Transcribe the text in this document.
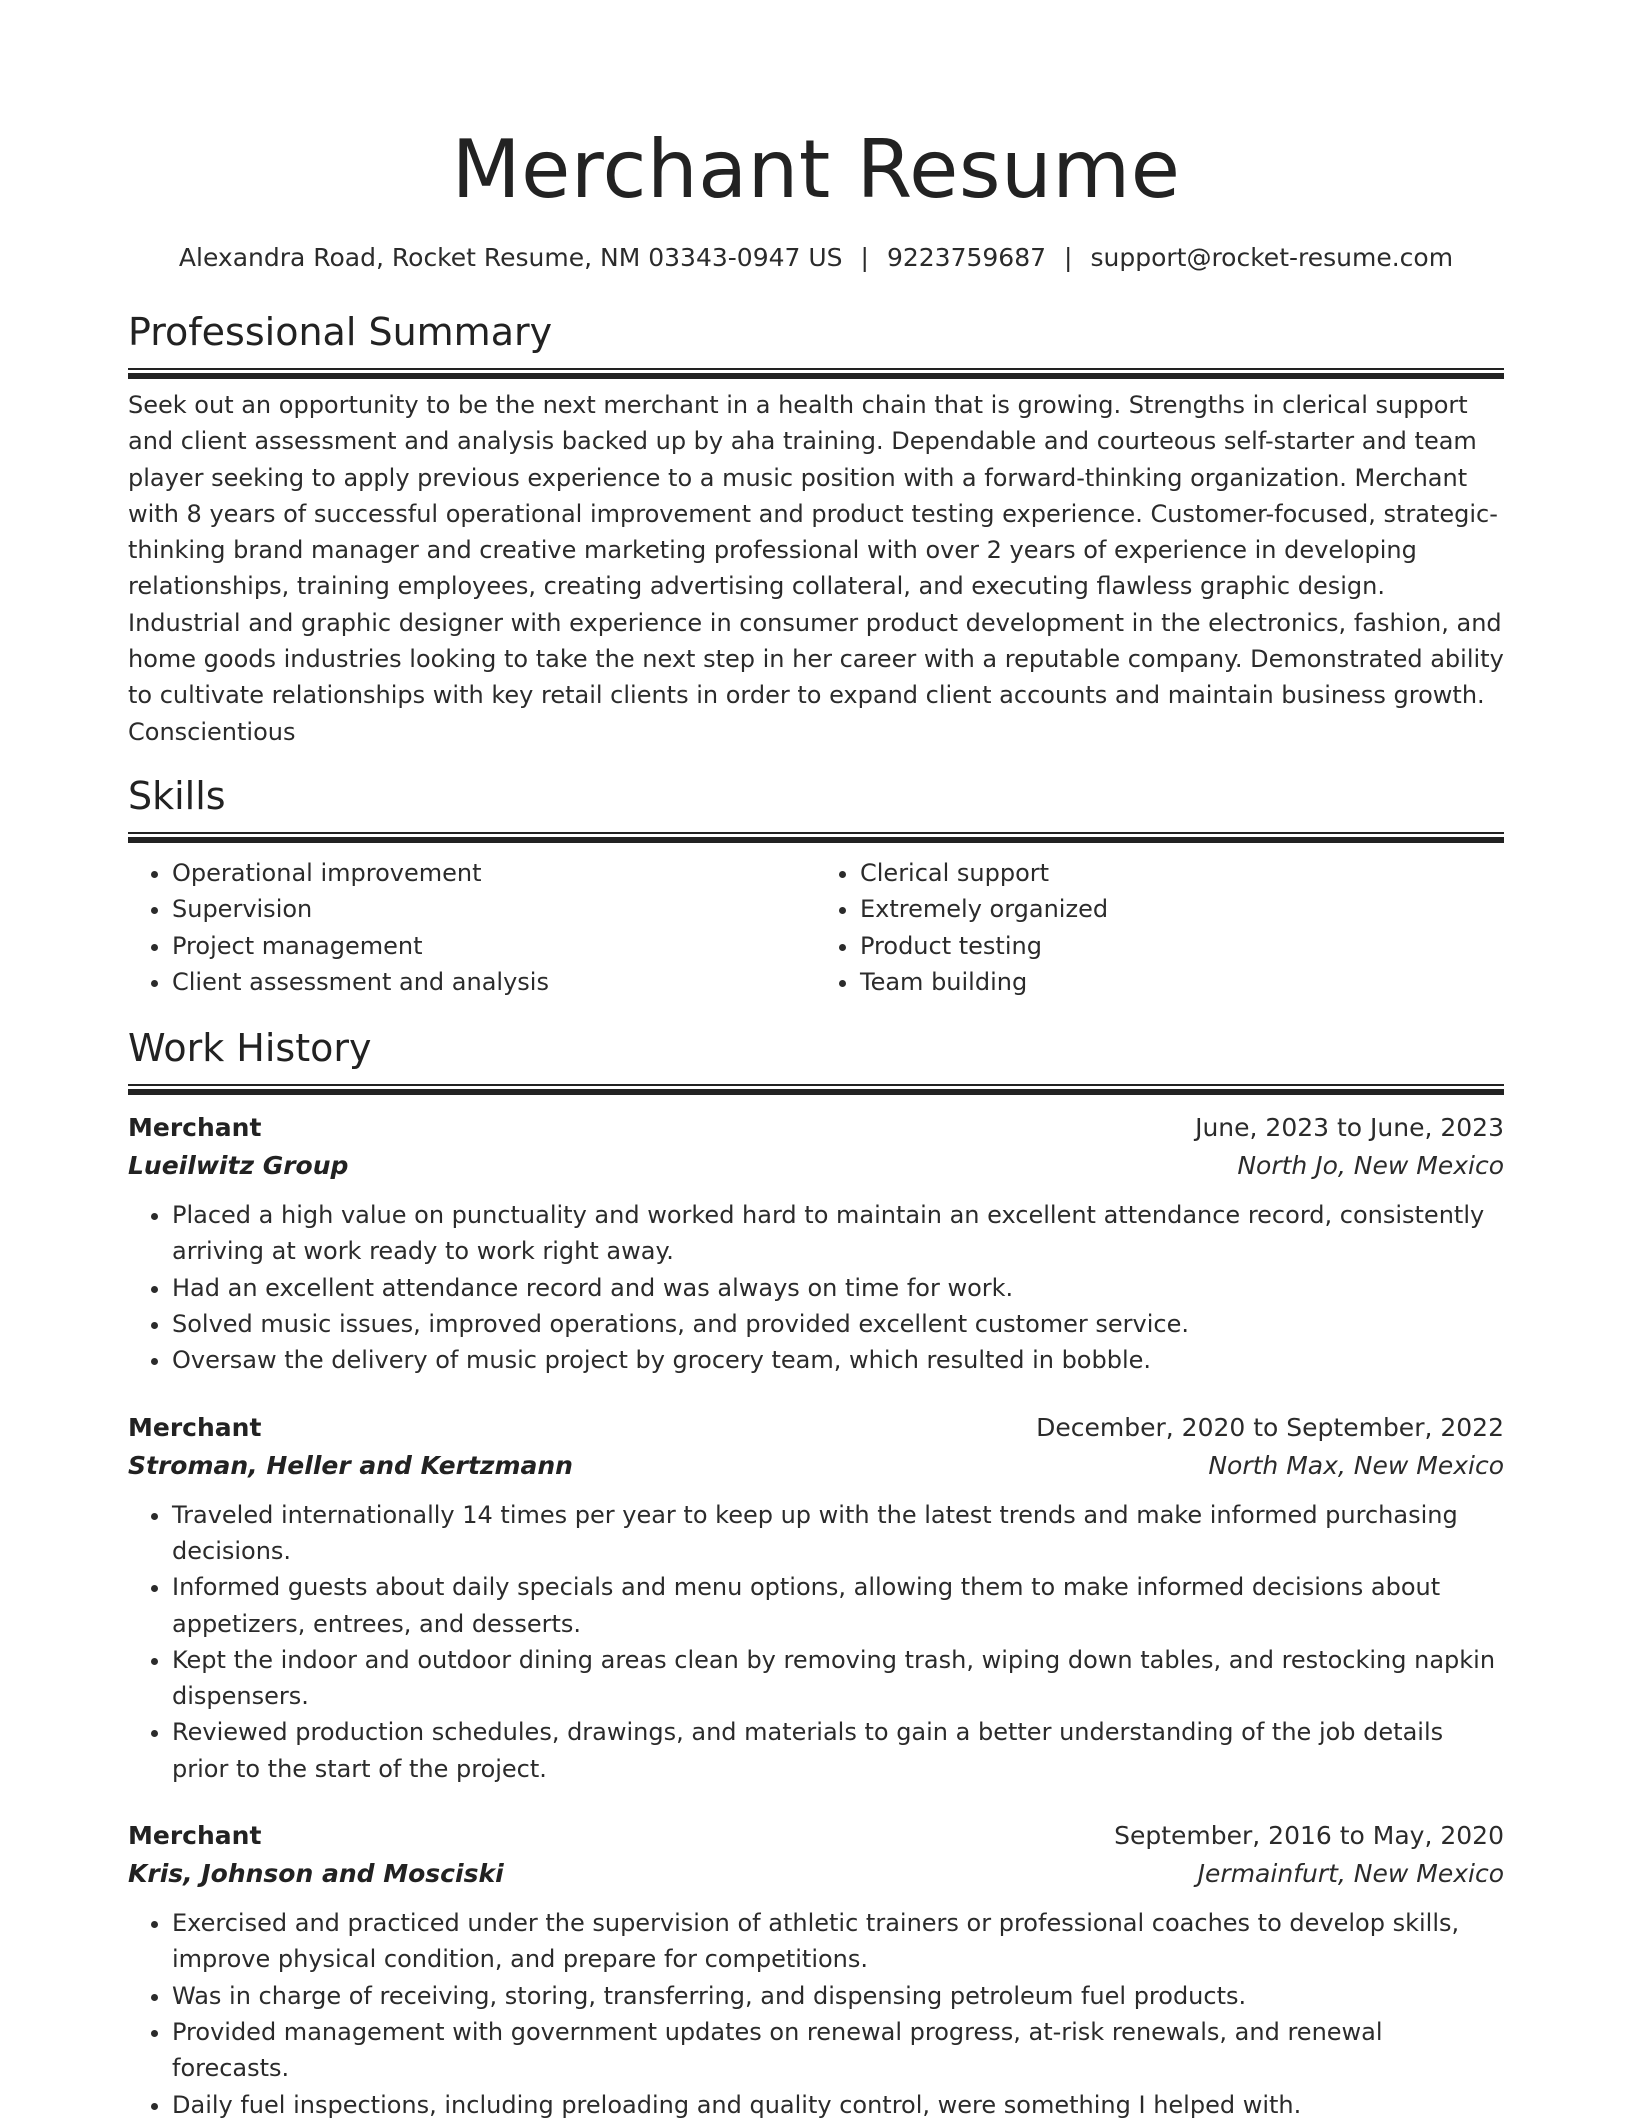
Merchant Resume
Alexandra Road, Rocket Resume, NM 03343-0947 US | 9223759687 | support@rocket-resume.com
Professional Summary

Seek out an opportunity to be the next merchant in a health chain that is growing. Strengths in clerical support and client assessment and analysis backed up by aha training. Dependable and courteous self-starter and team player seeking to apply previous experience to a music position with a forward-thinking organization. Merchant with 8 years of successful operational improvement and product testing experience. Customer-focused, strategic-thinking brand manager and creative marketing professional with over 2 years of experience in developing relationships, training employees, creating advertising collateral, and executing flawless graphic design. Industrial and graphic designer with experience in consumer product development in the electronics, fashion, and home goods industries looking to take the next step in her career with a reputable company. Demonstrated ability to cultivate relationships with key retail clients in order to expand client accounts and maintain business growth. Conscientious

Skills
• Operational improvement
• Supervision
• Project management
• Client assessment and analysis
• Clerical support
• Extremely organized
• Product testing
• Team building
Work History
Merchant	June, 2023 to June, 2023
Lueilwitz Group	North Jo, New Mexico
• Placed a high value on punctuality and worked hard to maintain an excellent attendance record, consistently arriving at work ready to work right away.
• Had an excellent attendance record and was always on time for work.
• Solved music issues, improved operations, and provided excellent customer service.
• Oversaw the delivery of music project by grocery team, which resulted in bobble.
Merchant	December, 2020 to September, 2022
Stroman, Heller and Kertzmann	North Max, New Mexico
• Traveled internationally 14 times per year to keep up with the latest trends and make informed purchasing decisions.
• Informed guests about daily specials and menu options, allowing them to make informed decisions about appetizers, entrees, and desserts.
• Kept the indoor and outdoor dining areas clean by removing trash, wiping down tables, and restocking napkin dispensers.
• Reviewed production schedules, drawings, and materials to gain a better understanding of the job details prior to the start of the project.
Merchant	September, 2016 to May, 2020
Kris, Johnson and Mosciski	Jermainfurt, New Mexico
• Exercised and practiced under the supervision of athletic trainers or professional coaches to develop skills, improve physical condition, and prepare for competitions.
• Was in charge of receiving, storing, transferring, and dispensing petroleum fuel products.
• Provided management with government updates on renewal progress, at-risk renewals, and renewal forecasts.
• Daily fuel inspections, including preloading and quality control, were something I helped with.
